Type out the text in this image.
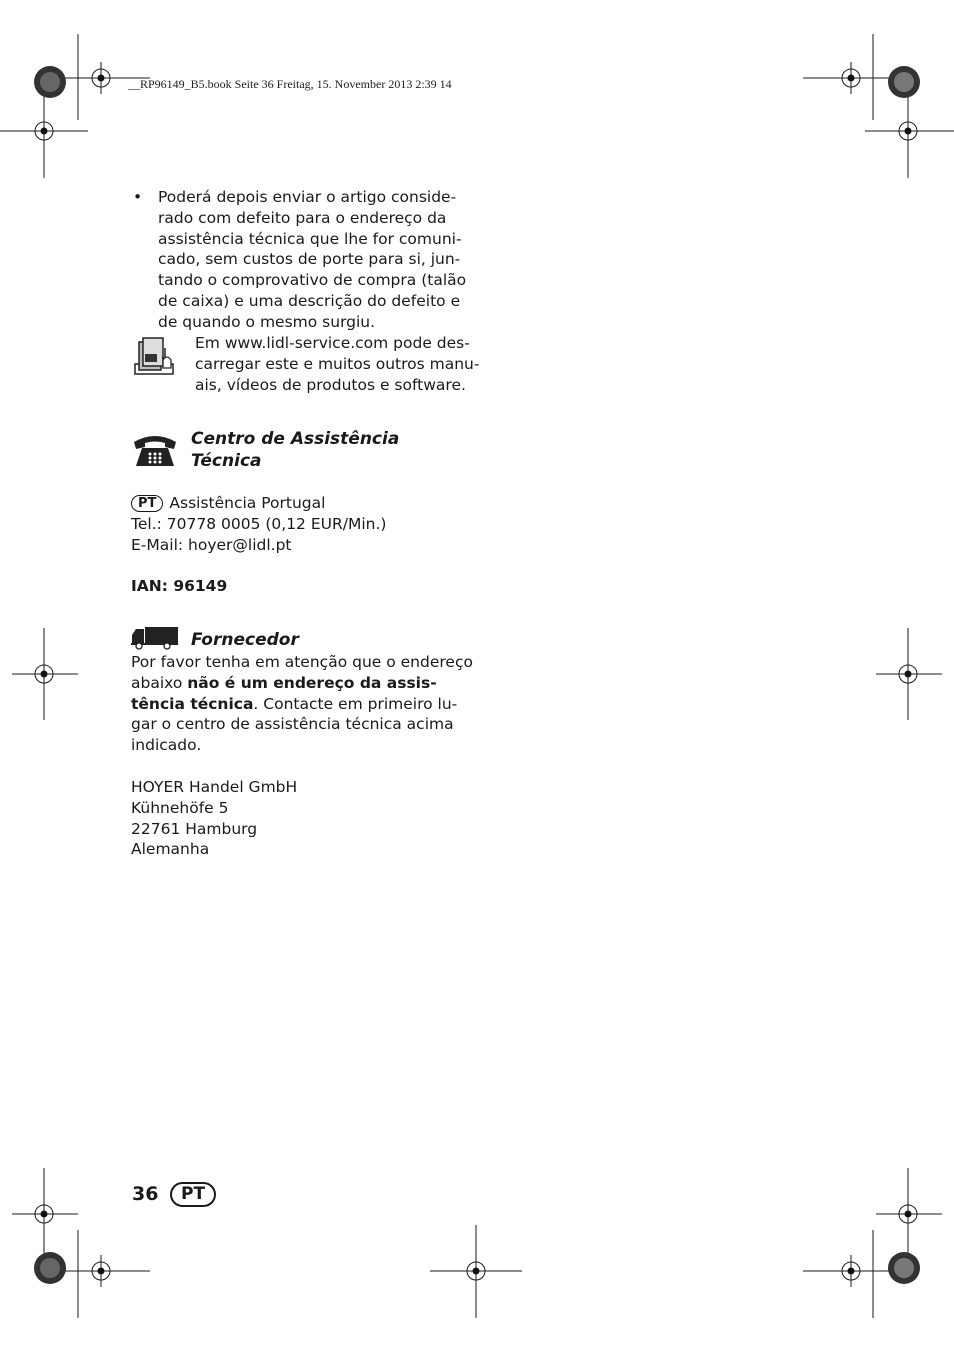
__RP96149_B5.book Seite 36 Freitag, 15. November 2013 2:39 14
• Poderá depois enviar o artigo conside-
rado com defeito para o endereço da
assistência técnica que lhe for comuni-
cado, sem custos de porte para si, jun-
tando o comprovativo de compra (talão
de caixa) e uma descrição do defeito e
de quando o mesmo surgiu.
Em www.lidl-service.com pode des-
carregar este e muitos outros manu-
ais, vídeos de produtos e software.
Centro de Assistência
Técnica
PT Assistência Portugal
Tel.: 70778 0005 (0,12 EUR/Min.)
E-Mail: hoyer@lidl.pt
IAN: 96149
Fornecedor
Por favor tenha em atenção que o endereço
abaixo não é um endereço da assis-
tência técnica. Contacte em primeiro lu-
gar o centro de assistência técnica acima
indicado.
HOYER Handel GmbH
Kühnehöfe 5
22761 Hamburg
Alemanha
36	PT
